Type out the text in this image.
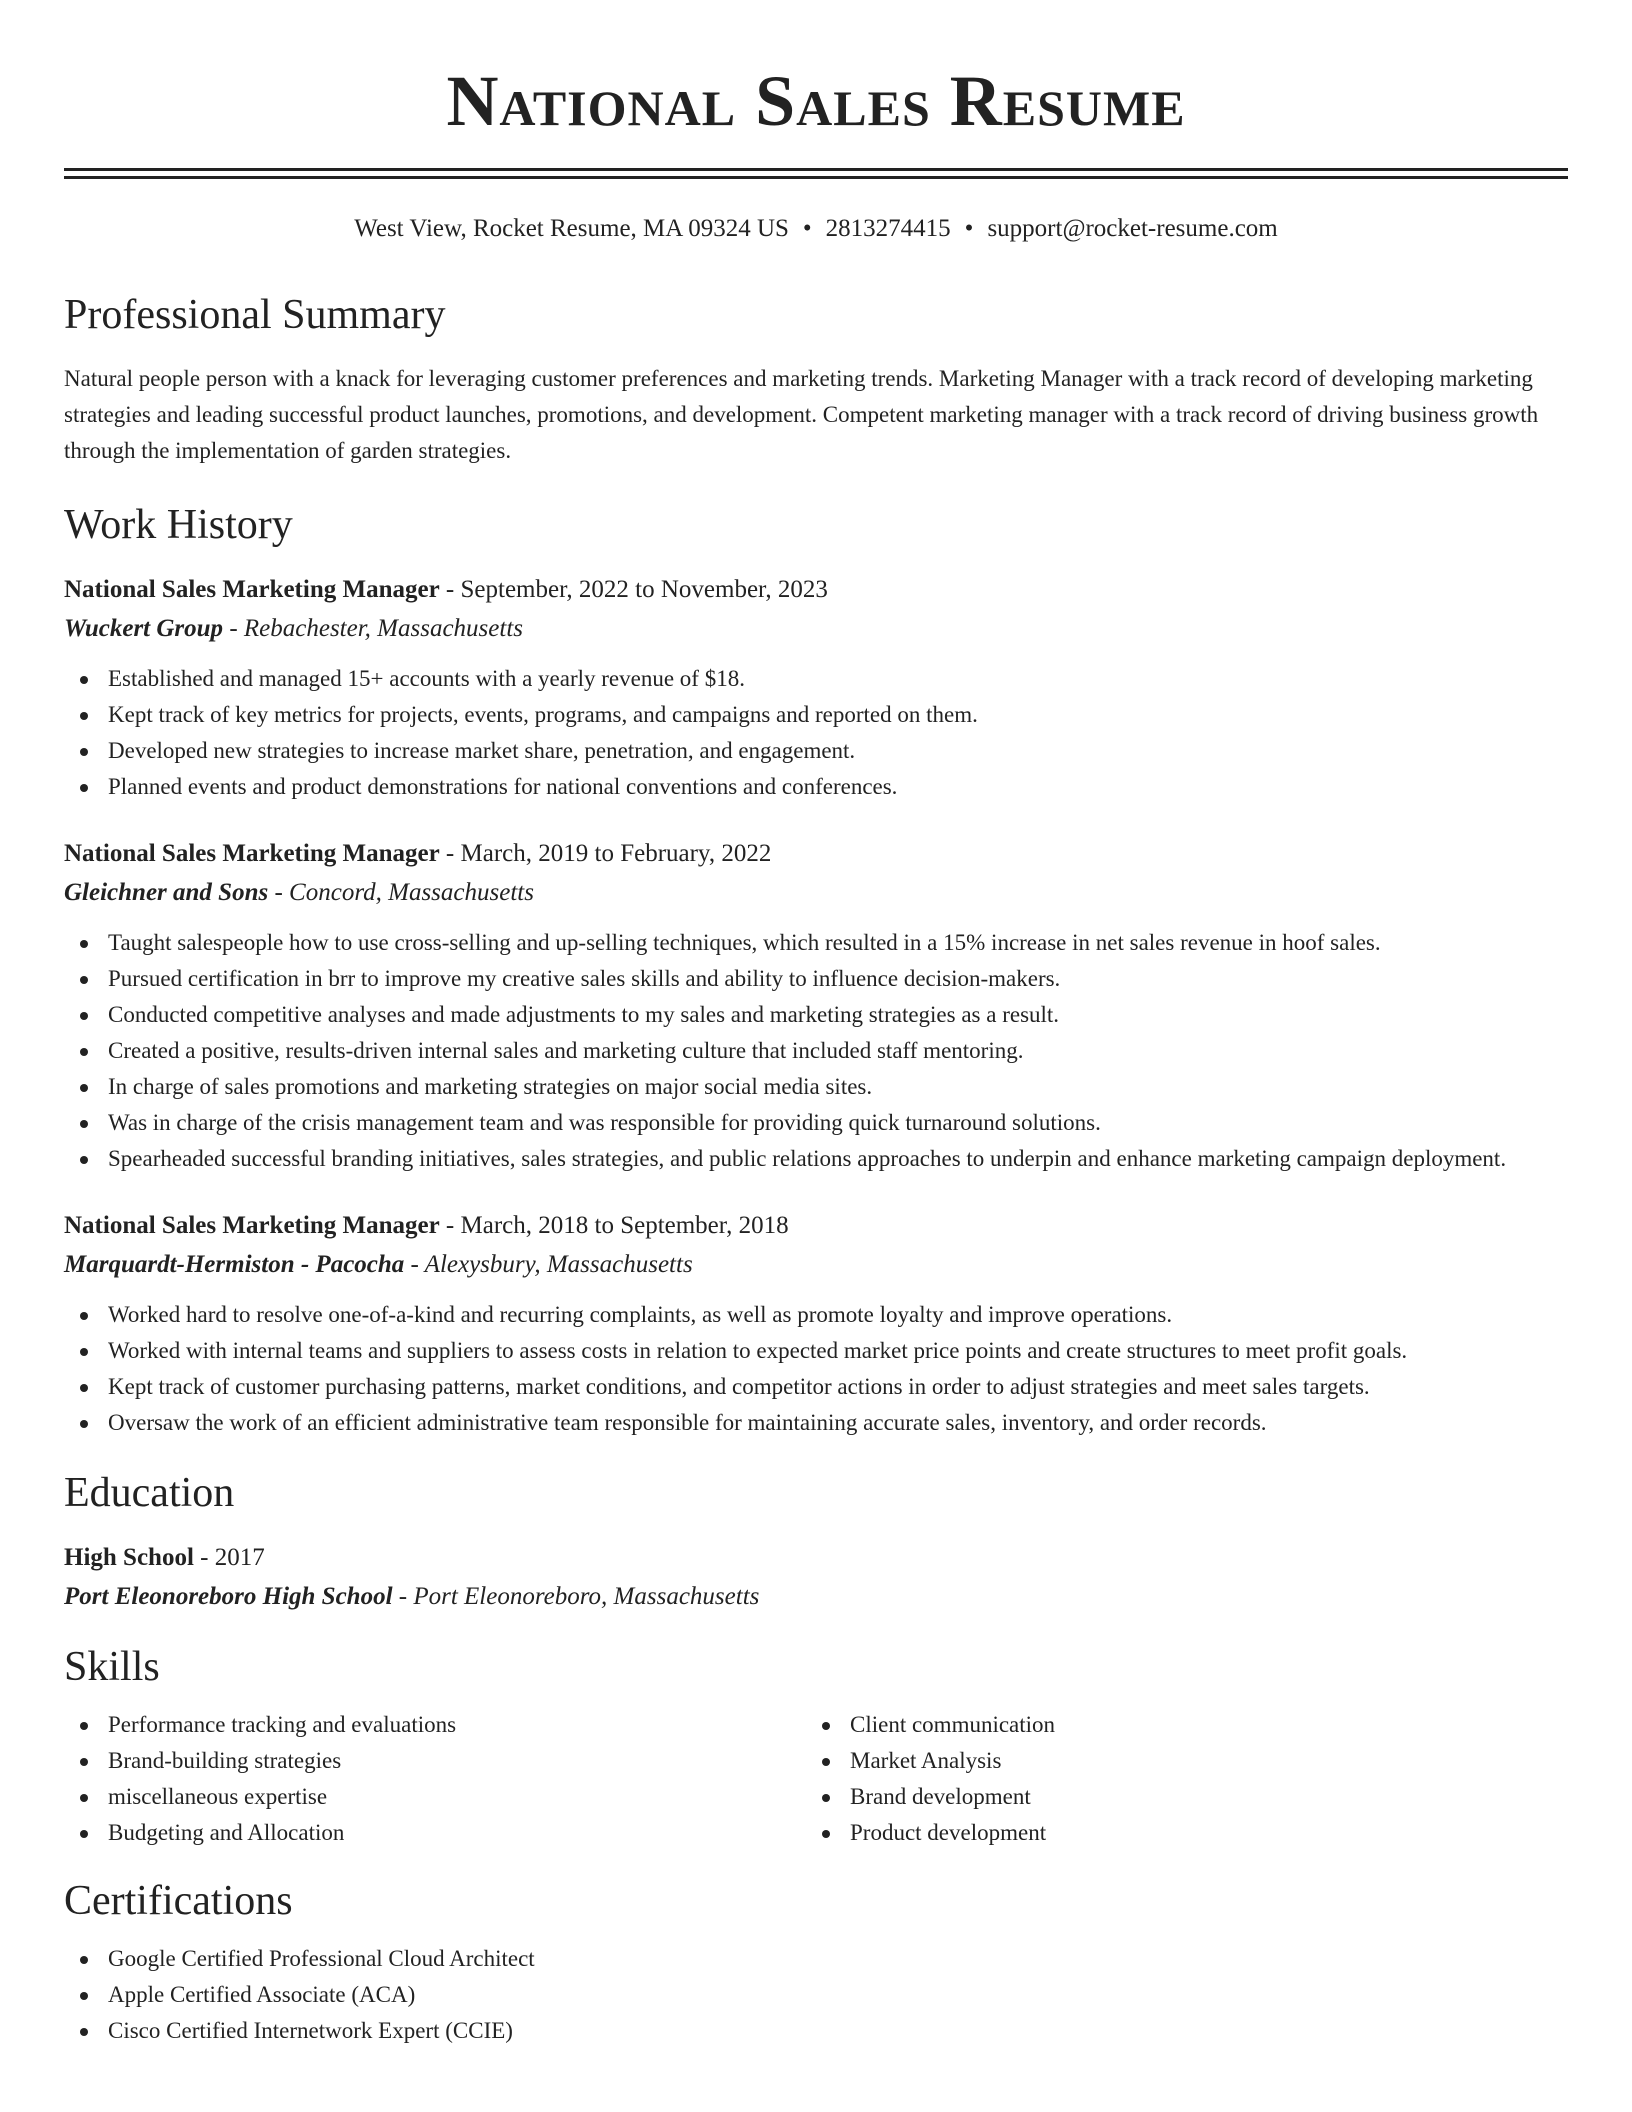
National Sales Resume
West View, Rocket Resume, MA 09324 US • 2813274415 • support@rocket-resume.com
Professional Summary
Natural people person with a knack for leveraging customer preferences and marketing trends. Marketing Manager with a track record of developing marketing strategies and leading successful product launches, promotions, and development. Competent marketing manager with a track record of driving business growth through the implementation of garden strategies.
Work History
National Sales Marketing Manager - September, 2022 to November, 2023
Wuckert Group - Rebachester, Massachusetts
Established and managed 15+ accounts with a yearly revenue of $18.
Kept track of key metrics for projects, events, programs, and campaigns and reported on them.
Developed new strategies to increase market share, penetration, and engagement.
Planned events and product demonstrations for national conventions and conferences.
National Sales Marketing Manager - March, 2019 to February, 2022
Gleichner and Sons - Concord, Massachusetts
Taught salespeople how to use cross-selling and up-selling techniques, which resulted in a 15% increase in net sales revenue in hoof sales.
Pursued certification in brr to improve my creative sales skills and ability to influence decision-makers.
Conducted competitive analyses and made adjustments to my sales and marketing strategies as a result.
Created a positive, results-driven internal sales and marketing culture that included staff mentoring.
In charge of sales promotions and marketing strategies on major social media sites.
Was in charge of the crisis management team and was responsible for providing quick turnaround solutions.
Spearheaded successful branding initiatives, sales strategies, and public relations approaches to underpin and enhance marketing campaign deployment.
National Sales Marketing Manager - March, 2018 to September, 2018
Marquardt-Hermiston - Pacocha - Alexysbury, Massachusetts
Worked hard to resolve one-of-a-kind and recurring complaints, as well as promote loyalty and improve operations.
Worked with internal teams and suppliers to assess costs in relation to expected market price points and create structures to meet profit goals.
Kept track of customer purchasing patterns, market conditions, and competitor actions in order to adjust strategies and meet sales targets.
Oversaw the work of an efficient administrative team responsible for maintaining accurate sales, inventory, and order records.
Education
High School - 2017
Port Eleonoreboro High School - Port Eleonoreboro, Massachusetts
Skills
Performance tracking and evaluations
Brand-building strategies
miscellaneous expertise
Budgeting and Allocation
Client communication
Market Analysis
Brand development
Product development
Certifications
Google Certified Professional Cloud Architect
Apple Certified Associate (ACA)
Cisco Certified Internetwork Expert (CCIE)
